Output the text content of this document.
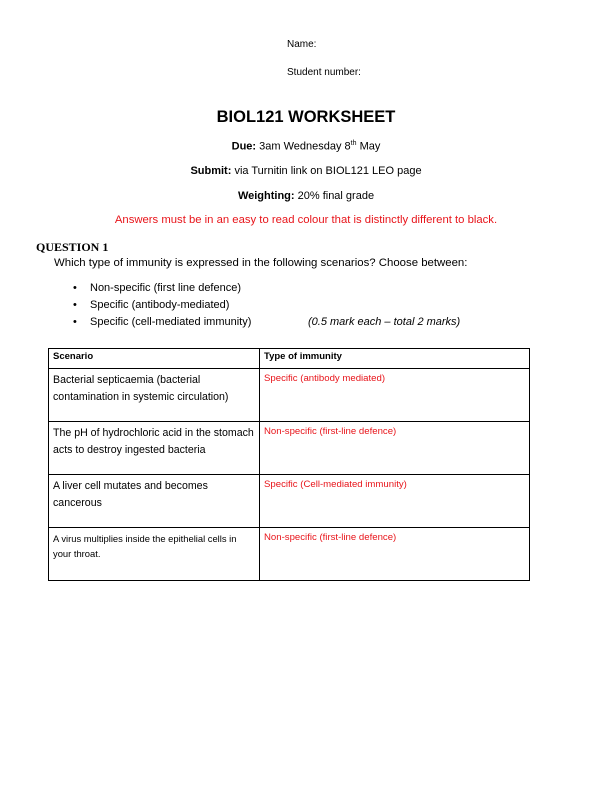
Name:
Student number:
BIOL121 WORKSHEET
Due: 3am Wednesday 8th May
Submit: via Turnitin link on BIOL121 LEO page
Weighting: 20% final grade
Answers must be in an easy to read colour that is distinctly different to black.
QUESTION 1
Which type of immunity is expressed in the following scenarios? Choose between:
• Non-specific (first line defence)
• Specific (antibody-mediated)
• Specific (cell-mediated immunity)	(0.5 mark each – total 2 marks)
Scenario	Type of immunity
Bacterial septicaemia (bacterial contamination in systemic circulation)	Specific (antibody mediated)
The pH of hydrochloric acid in the stomach acts to destroy ingested bacteria	Non-specific (first-line defence)
A liver cell mutates and becomes cancerous	Specific (Cell-mediated immunity)
A virus multiplies inside the epithelial cells in your throat.	Non-specific (first-line defence)
